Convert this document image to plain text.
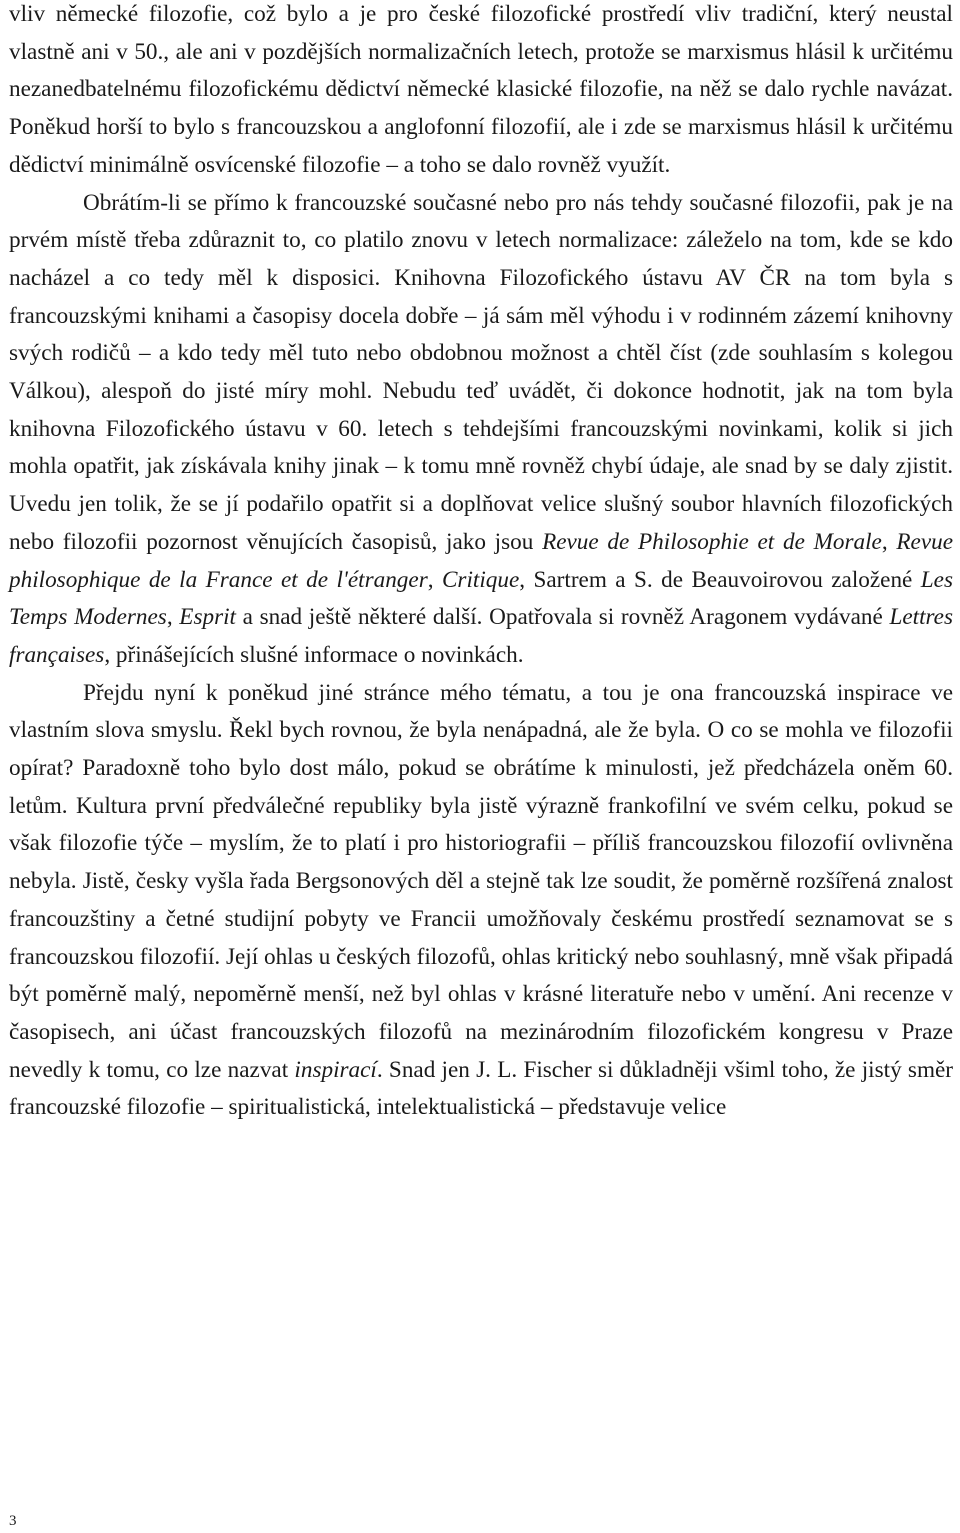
vliv německé filozofie, což bylo a je pro české filozofické prostředí vliv tradiční, který neustal vlastně ani v 50., ale ani v pozdějších normalizačních letech, protože se marxismus hlásil k určitému nezanedbatelnému filozofickému dědictví německé klasické filozofie, na něž se dalo rychle navázat. Poněkud horší to bylo s francouzskou a anglofonní filozofií, ale i zde se marxismus hlásil k určitému dědictví minimálně osvícenské filozofie – a toho se dalo rovněž využít.

Obrátím-li se přímo k francouzské současné nebo pro nás tehdy současné filozofii, pak je na prvém místě třeba zdůraznit to, co platilo znovu v letech normalizace: záleželo na tom, kde se kdo nacházel a co tedy měl k disposici. Knihovna Filozofického ústavu AV ČR na tom byla s francouzskými knihami a časopisy docela dobře – já sám měl výhodu i v rodinném zázemí knihovny svých rodičů – a kdo tedy měl tuto nebo obdobnou možnost a chtěl číst (zde souhlasím s kolegou Válkou), alespoň do jisté míry mohl. Nebudu teď uvádět, či dokonce hodnotit, jak na tom byla knihovna Filozofického ústavu v 60. letech s tehdejšími francouzskými novinkami, kolik si jich mohla opatřit, jak získávala knihy jinak – k tomu mně rovněž chybí údaje, ale snad by se daly zjistit. Uvedu jen tolik, že se jí podařilo opatřit si a doplňovat velice slušný soubor hlavních filozofických nebo filozofii pozornost věnujících časopisů, jako jsou Revue de Philosophie et de Morale, Revue philosophique de la France et de l'étranger, Critique, Sartrem a S. de Beauvoirovou založené Les Temps Modernes, Esprit a snad ještě některé další. Opatřovala si rovněž Aragonem vydávané Lettres françaises, přinášejících slušné informace o novinkách.

Přejdu nyní k poněkud jiné stránce mého tématu, a tou je ona francouzská inspirace ve vlastním slova smyslu. Řekl bych rovnou, že byla nenápadná, ale že byla. O co se mohla ve filozofii opírat? Paradoxně toho bylo dost málo, pokud se obrátíme k minulosti, jež předcházela oněm 60. letům. Kultura první předválečné republiky byla jistě výrazně frankofilní ve svém celku, pokud se však filozofie týče – myslím, že to platí i pro historiografii – příliš francouzskou filozofií ovlivněna nebyla. Jistě, česky vyšla řada Bergsonových děl a stejně tak lze soudit, že poměrně rozšířená znalost francouzštiny a četné studijní pobyty ve Francii umožňovaly českému prostředí seznamovat se s francouzskou filozofií. Její ohlas u českých filozofů, ohlas kritický nebo souhlasný, mně však připadá být poměrně malý, nepoměrně menší, než byl ohlas v krásné literatuře nebo v umění. Ani recenze v časopisech, ani účast francouzských filozofů na mezinárodním filozofickém kongresu v Praze nevedly k tomu, co lze nazvat inspirací. Snad jen J. L. Fischer si důkladněji všiml toho, že jistý směr francouzské filozofie – spiritualistická, intelektualistická – představuje velice

3
